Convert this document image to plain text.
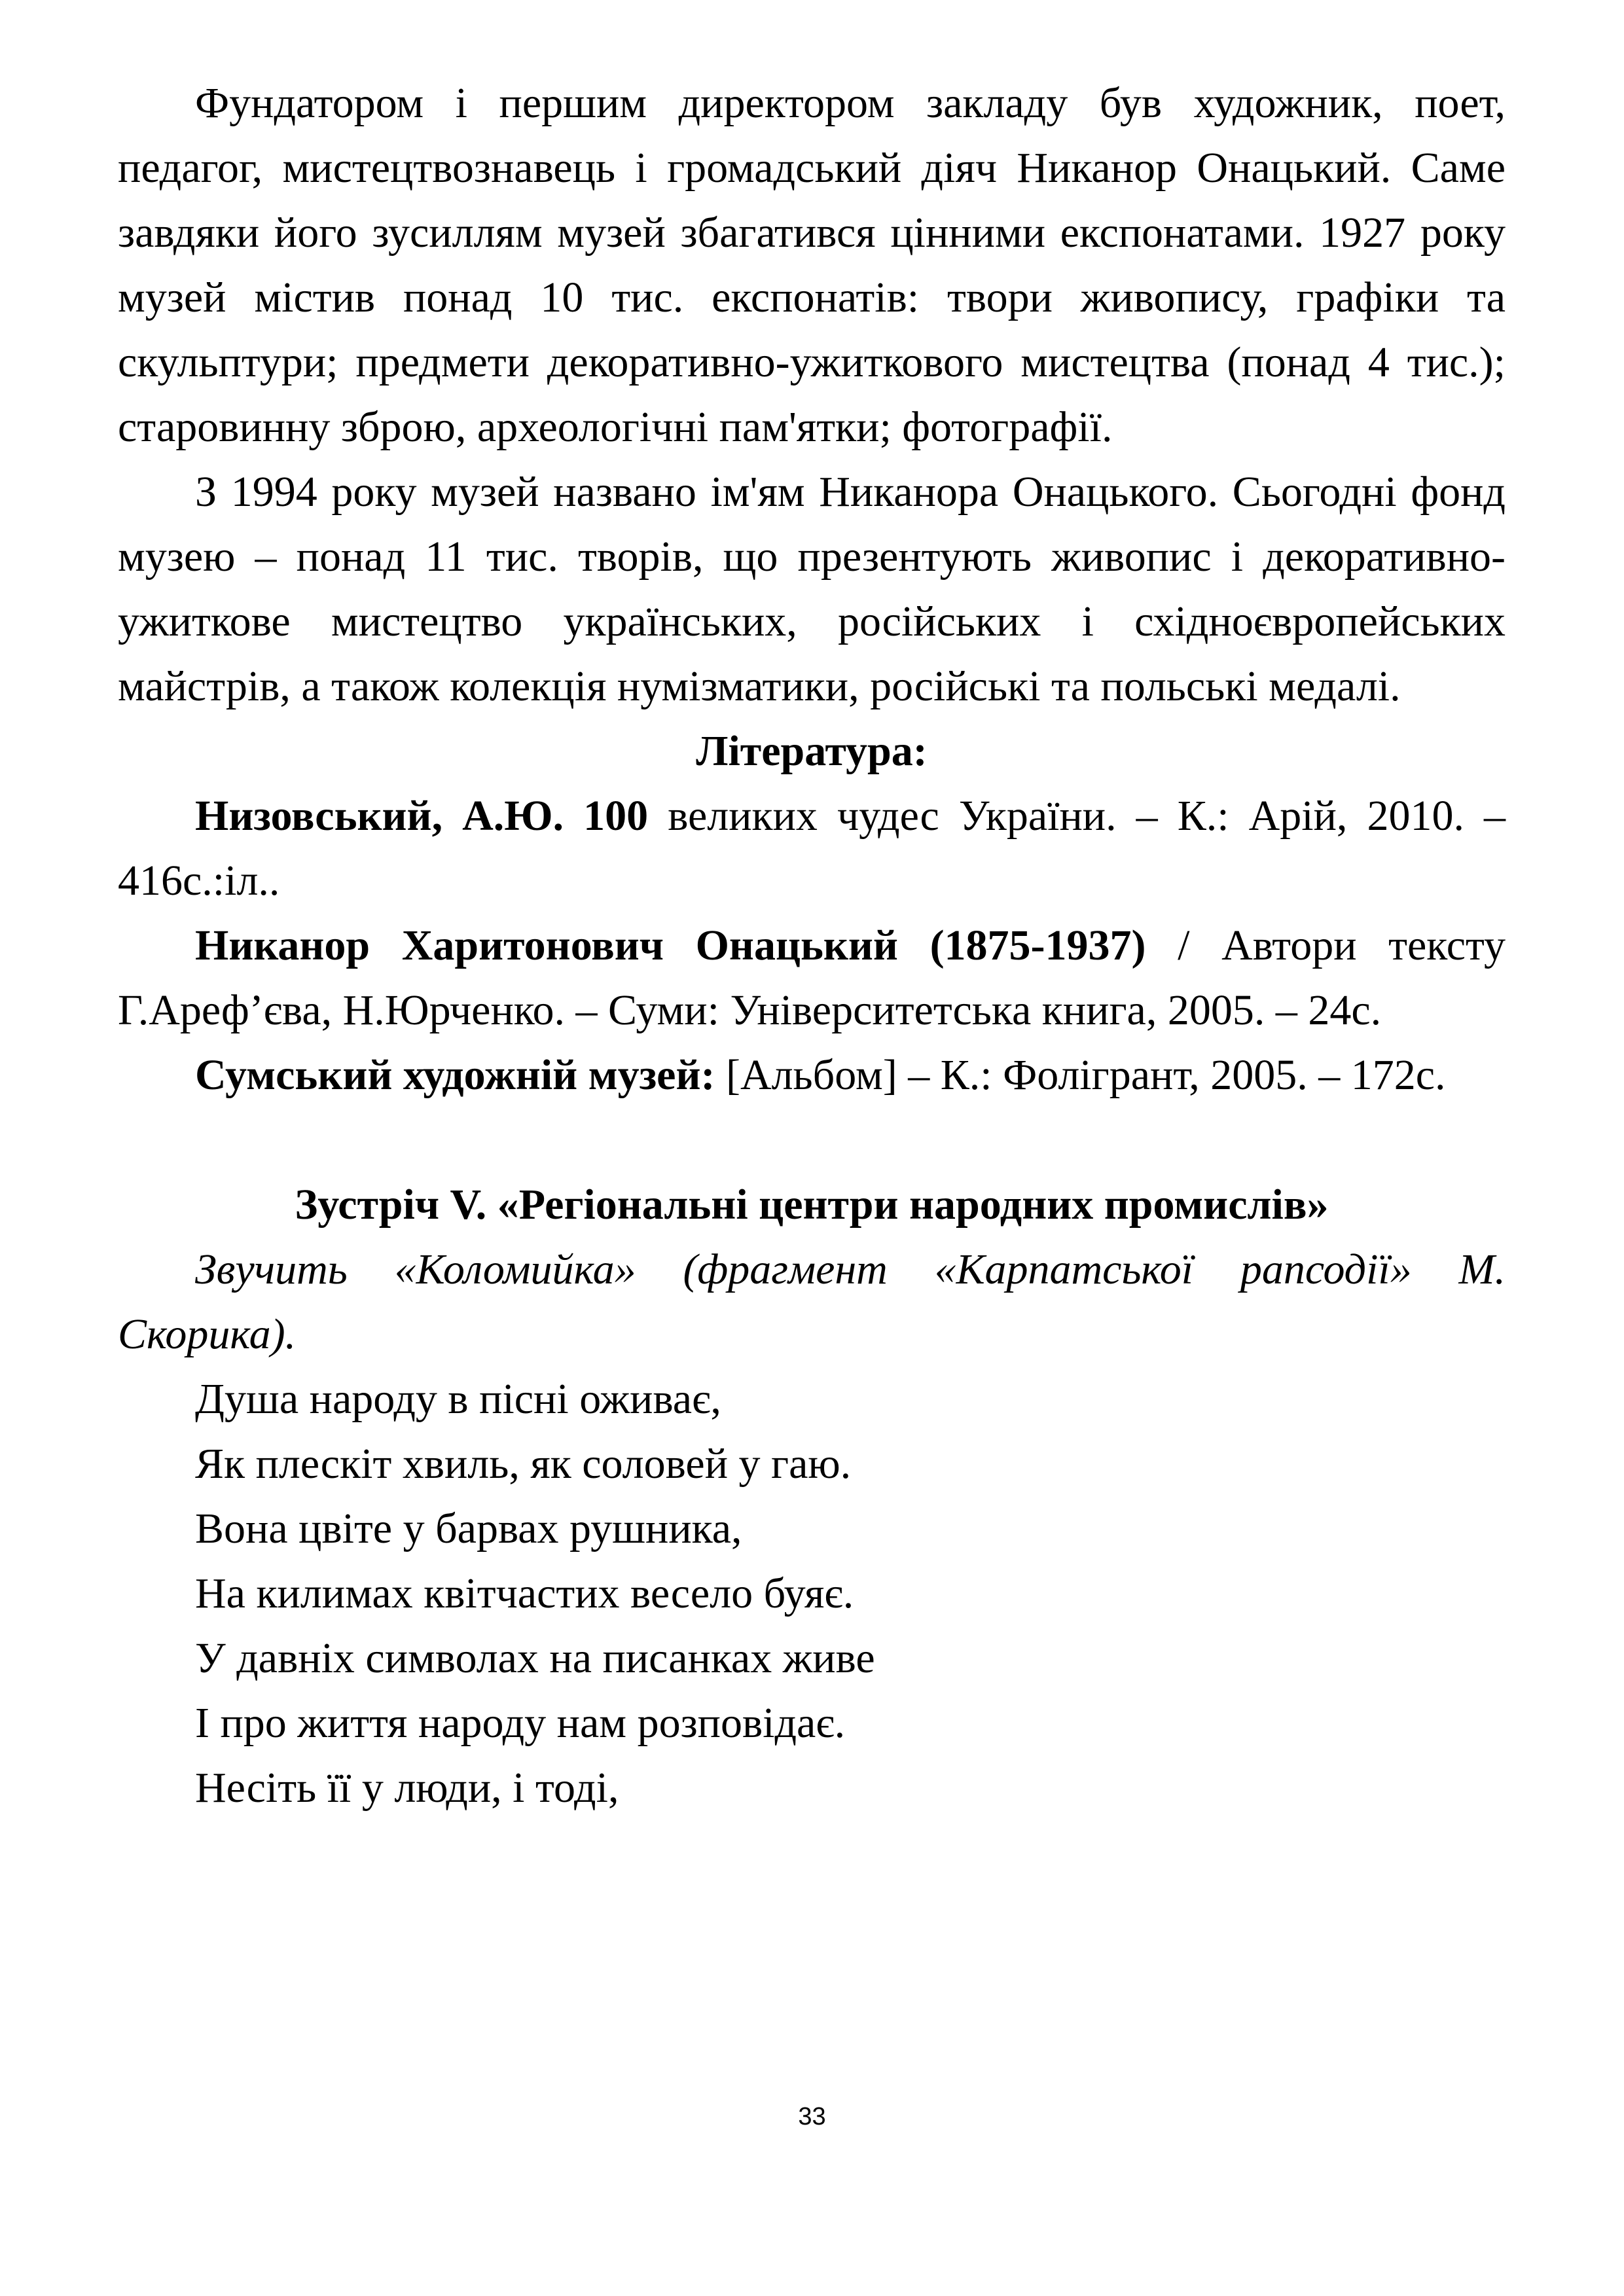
Фундатором і першим директором закладу був художник, поет, педагог, мистецтвознавець і громадський діяч Никанор Онацький. Саме завдяки його зусиллям музей збагатився цінними експонатами. 1927 року музей містив понад 10 тис. експонатів: твори живопису, графіки та скульптури; предмети декоративно-ужиткового мистецтва (понад 4 тис.); старовинну зброю, археологічні пам'ятки; фотографії.

З 1994 року музей названо ім'ям Никанора Онацького. Сьогодні фонд музею – понад 11 тис. творів, що презентують живопис і декоративно-ужиткове мистецтво українських, російських і східноєвропейських майстрів, а також колекція нумізматики, російські та польські медалі.

Література:

Низовський, А.Ю. 100 великих чудес України. – К.: Арій, 2010. – 416с.:іл..

Никанор Харитонович Онацький (1875-1937) / Автори тексту Г.Ареф’єва, Н.Юрченко. – Суми: Університетська книга, 2005. – 24с.

Сумський художній музей: [Альбом] – К.: Фолігрант, 2005. – 172с.

Зустріч V. «Регіональні центри народних промислів»

Звучить «Коломийка» (фрагмент «Карпатської рапсодії» М. Скорика).

Душа народу в пісні оживає,

Як плескіт хвиль, як соловей у гаю.

Вона цвіте у барвах рушника,

На килимах квітчастих весело буяє.

У давніх символах на писанках живе

І про життя народу нам розповідає.

Несіть її у люди, і тоді,

33
